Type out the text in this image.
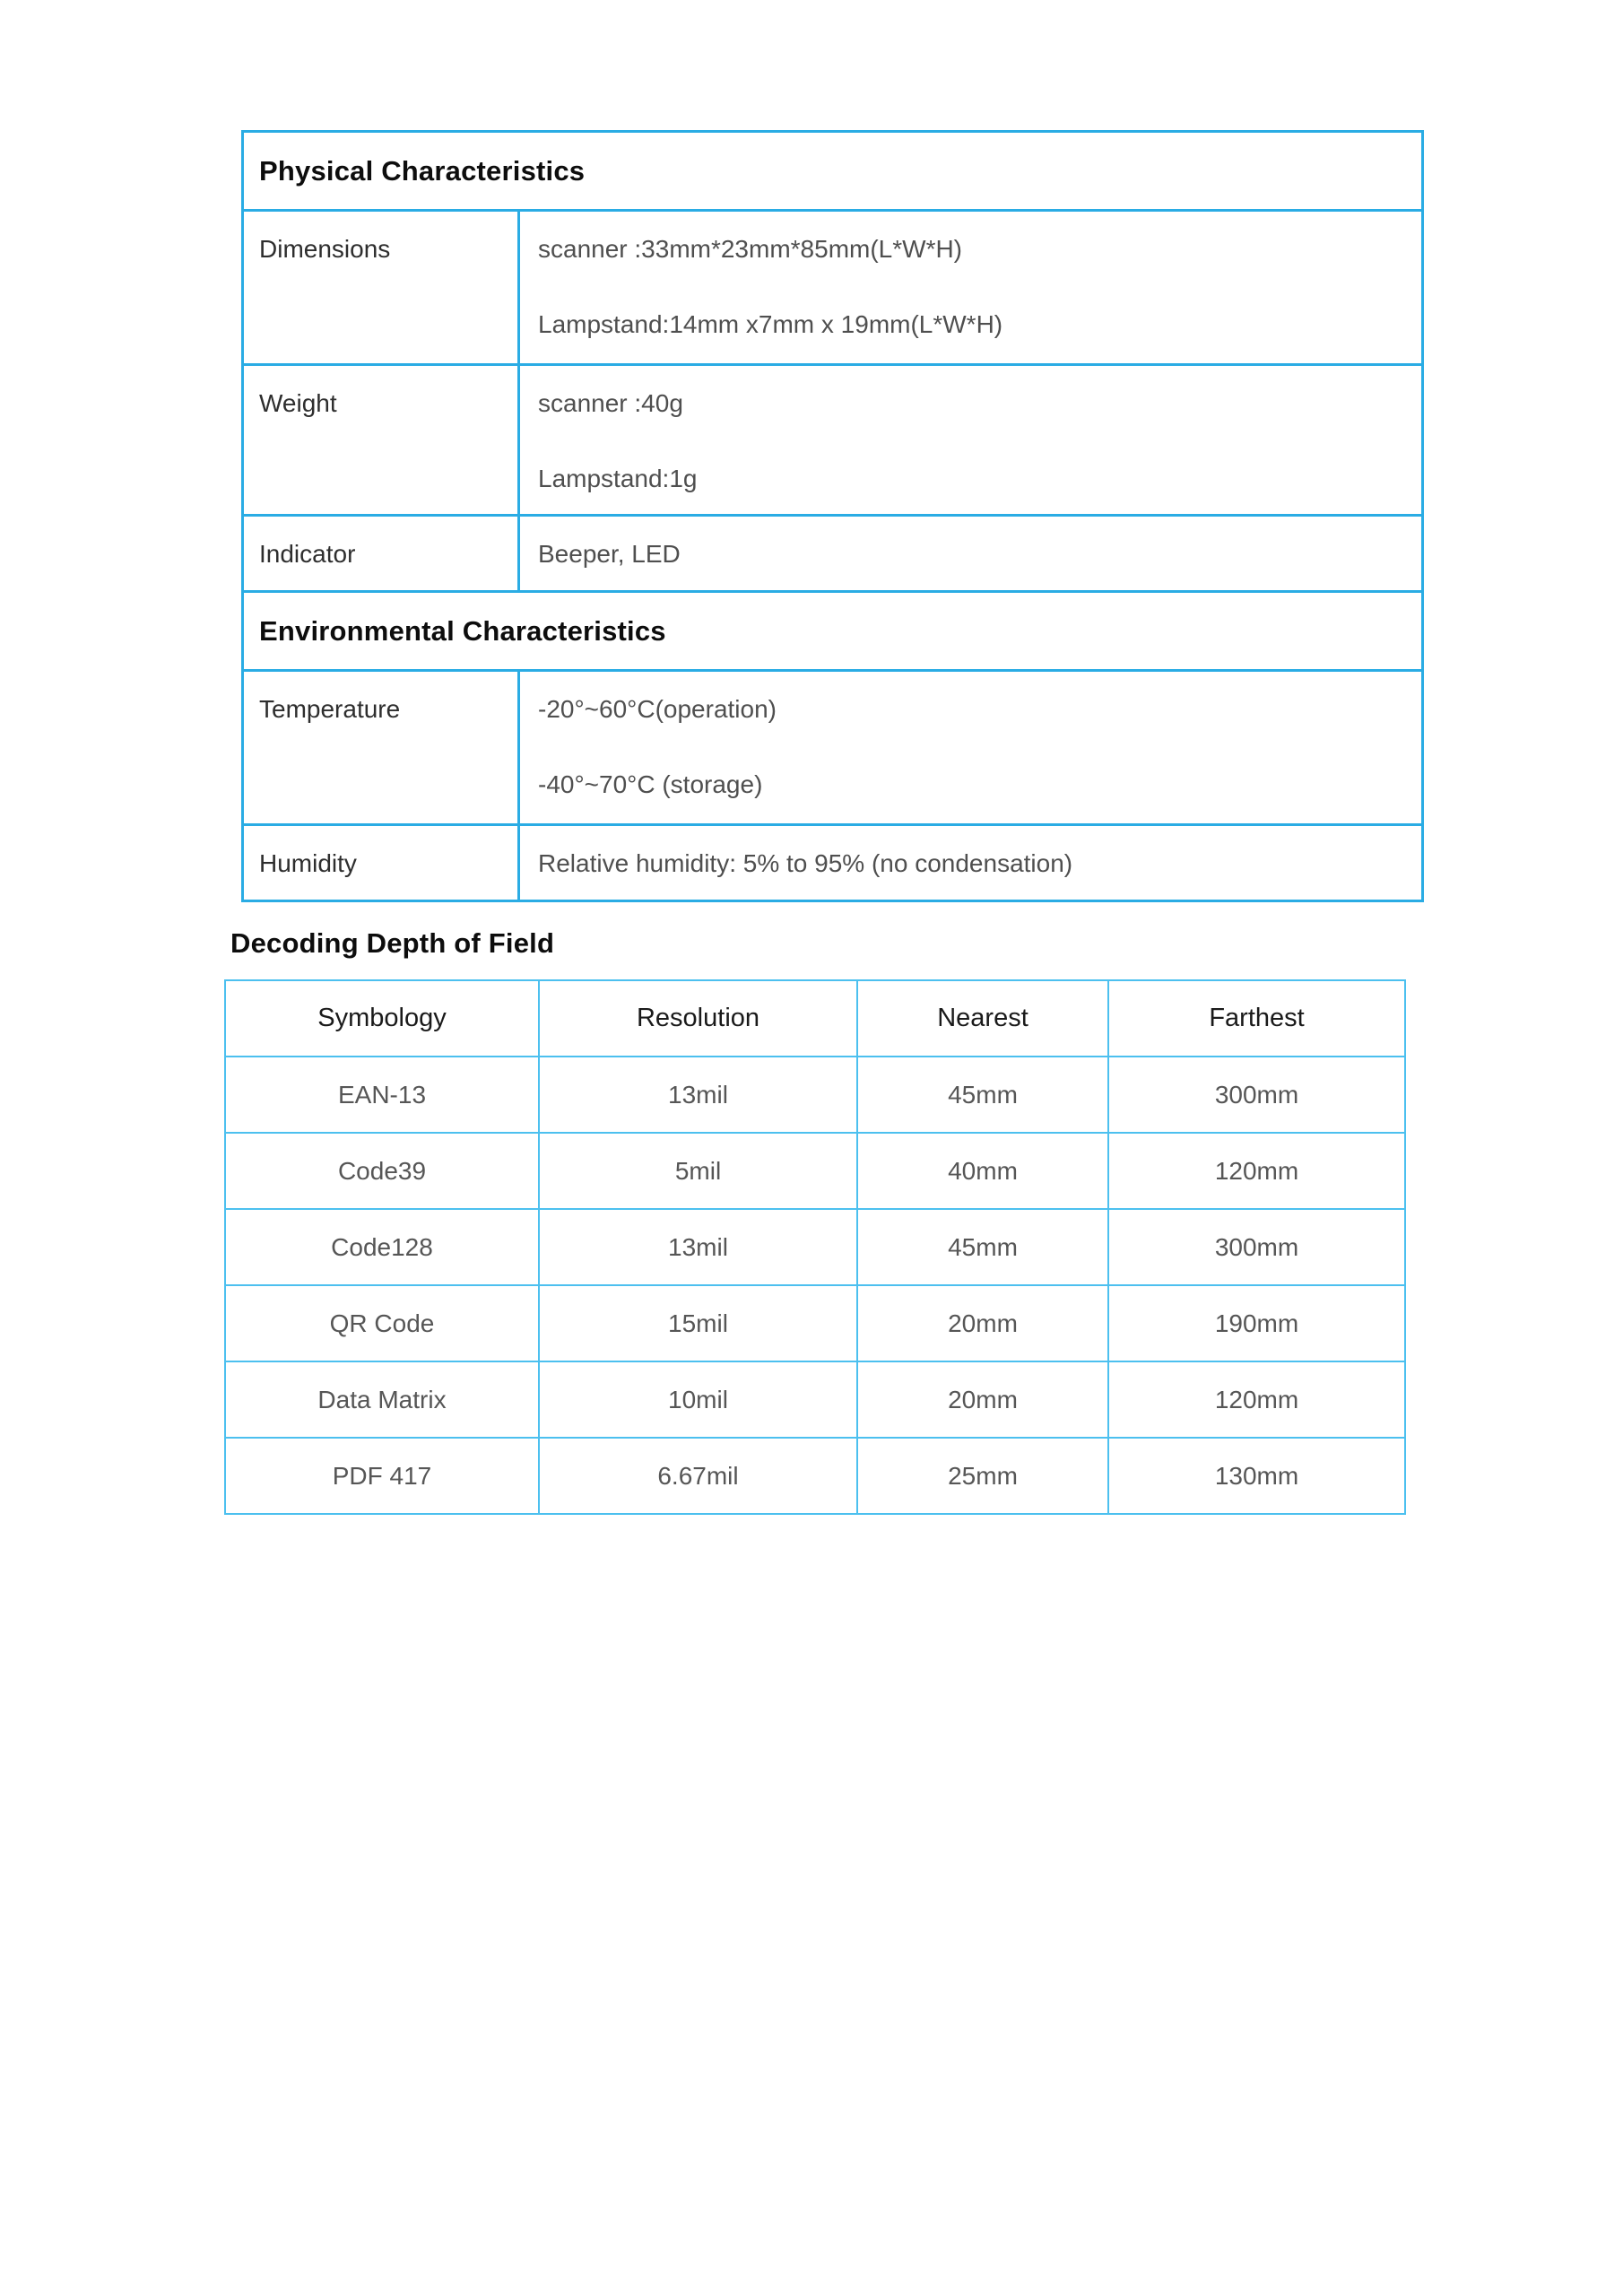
Physical Characteristics
Dimensions	scanner :33mm*23mm*85mm(L*W*H)
Lampstand:14mm x7mm x 19mm(L*W*H)
Weight	scanner :40g
Lampstand:1g
Indicator	Beeper, LED
Environmental Characteristics
Temperature	-20°~60°C(operation)
-40°~70°C (storage)
Humidity	Relative humidity: 5% to 95% (no condensation)
Decoding Depth of Field
Symbology	Resolution	Nearest	Farthest
EAN-13	13mil	45mm	300mm
Code39	5mil	40mm	120mm
Code128	13mil	45mm	300mm
QR Code	15mil	20mm	190mm
Data Matrix	10mil	20mm	120mm
PDF 417	6.67mil	25mm	130mm
